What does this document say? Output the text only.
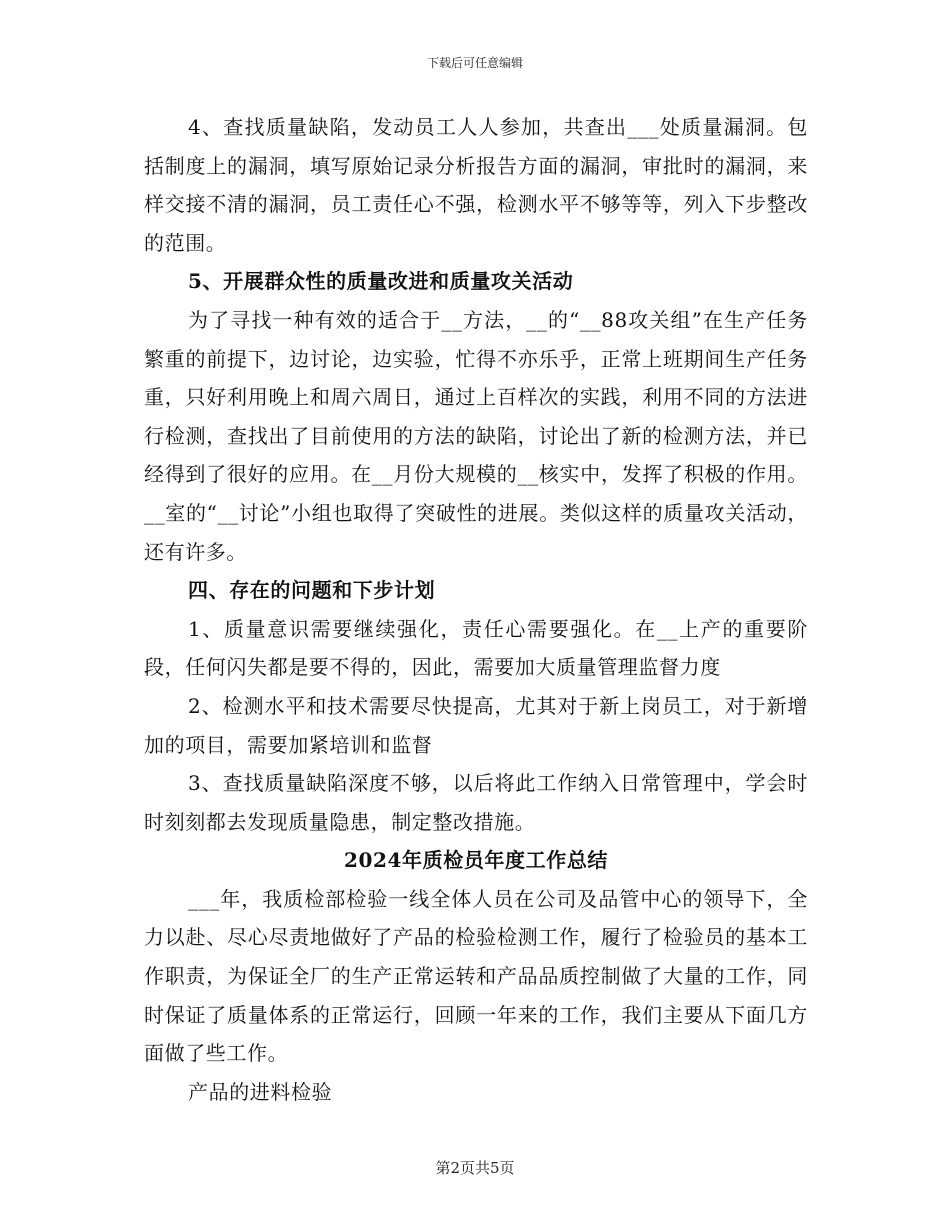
下载后可任意编辑

4、查找质量缺陷，发动员工人人参加，共查出___处质量漏洞。包括制度上的漏洞，填写原始记录分析报告方面的漏洞，审批时的漏洞，来样交接不清的漏洞，员工责任心不强，检测水平不够等等，列入下步整改的范围。

5、开展群众性的质量改进和质量攻关活动

为了寻找一种有效的适合于__方法，__的“__88攻关组”在生产任务繁重的前提下，边讨论，边实验，忙得不亦乐乎，正常上班期间生产任务重，只好利用晚上和周六周日，通过上百样次的实践，利用不同的方法进行检测，查找出了目前使用的方法的缺陷，讨论出了新的检测方法，并已经得到了很好的应用。在__月份大规模的__核实中，发挥了积极的作用。__室的“__讨论”小组也取得了突破性的进展。类似这样的质量攻关活动，还有许多。

四、存在的问题和下步计划

1、质量意识需要继续强化，责任心需要强化。在__上产的重要阶段，任何闪失都是要不得的，因此，需要加大质量管理监督力度

2、检测水平和技术需要尽快提高，尤其对于新上岗员工，对于新增加的项目，需要加紧培训和监督

3、查找质量缺陷深度不够，以后将此工作纳入日常管理中，学会时时刻刻都去发现质量隐患，制定整改措施。

2024年质检员年度工作总结

___年，我质检部检验一线全体人员在公司及品管中心的领导下，全力以赴、尽心尽责地做好了产品的检验检测工作，履行了检验员的基本工作职责，为保证全厂的生产正常运转和产品品质控制做了大量的工作，同时保证了质量体系的正常运行，回顾一年来的工作，我们主要从下面几方面做了些工作。

产品的进料检验

第2页共5页
